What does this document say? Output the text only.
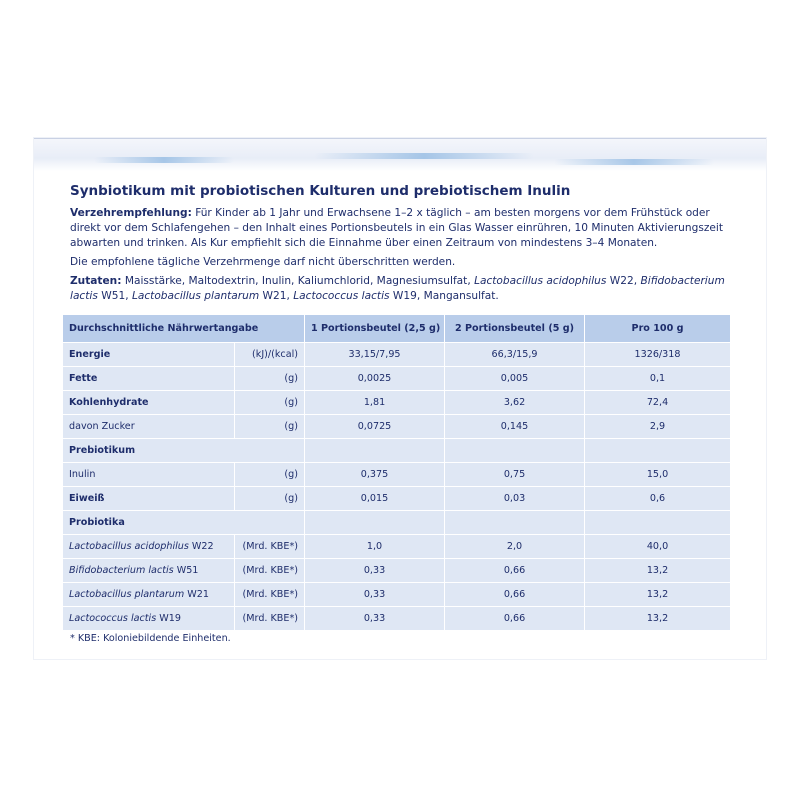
Synbiotikum mit probiotischen Kulturen und prebiotischem Inulin

Verzehrempfehlung: Für Kinder ab 1 Jahr und Erwachsene 1–2 x täglich – am besten morgens vor dem Frühstück oder direkt vor dem Schlafengehen – den Inhalt eines Portionsbeutels in ein Glas Wasser einrühren, 10 Minuten Aktivierungszeit abwarten und trinken. Als Kur empfiehlt sich die Einnahme über einen Zeitraum von mindestens 3–4 Monaten.

Die empfohlene tägliche Verzehrmenge darf nicht überschritten werden.

Zutaten: Maisstärke, Maltodextrin, Inulin, Kaliumchlorid, Magnesiumsulfat, Lactobacillus acidophilus W22, Bifidobacterium lactis W51, Lactobacillus plantarum W21, Lactococcus lactis W19, Mangansulfat.

Durchschnittliche Nährwertangabe		1 Portionsbeutel (2,5 g)	2 Portionsbeutel (5 g)	Pro 100 g
Energie	(kJ)/(kcal)	33,15/7,95	66,3/15,9	1326/318
Fette	(g)	0,0025	0,005	0,1
Kohlenhydrate	(g)	1,81	3,62	72,4
davon Zucker	(g)	0,0725	0,145	2,9
Prebiotikum				
Inulin	(g)	0,375	0,75	15,0
Eiweiß	(g)	0,015	0,03	0,6
Probiotika				
Lactobacillus acidophilus W22	(Mrd. KBE*)	1,0	2,0	40,0
Bifidobacterium lactis W51	(Mrd. KBE*)	0,33	0,66	13,2
Lactobacillus plantarum W21	(Mrd. KBE*)	0,33	0,66	13,2
Lactococcus lactis W19	(Mrd. KBE*)	0,33	0,66	13,2
* KBE: Koloniebildende Einheiten.
